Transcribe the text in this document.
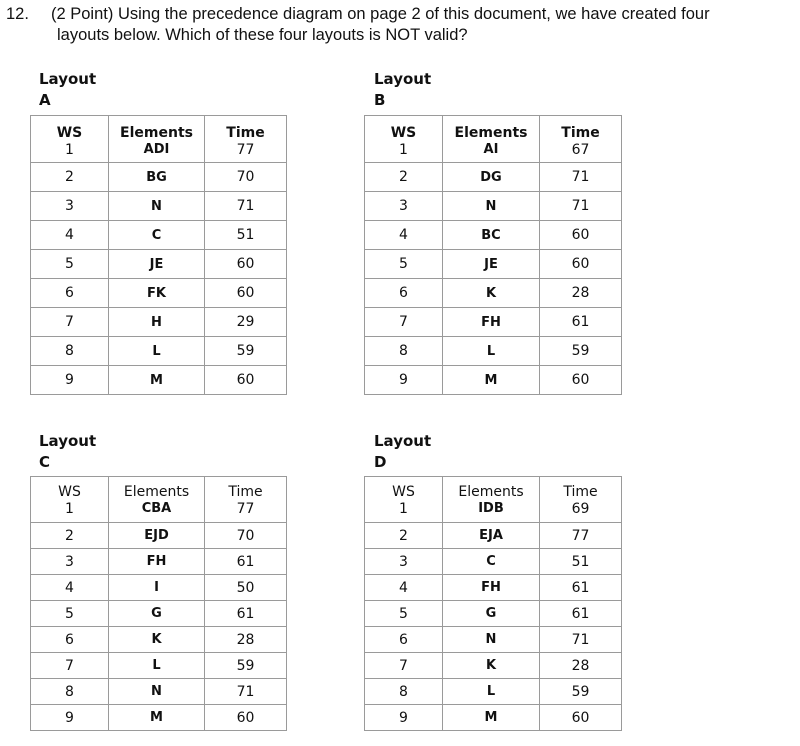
12. (2 Point) Using the precedence diagram on page 2 of this document, we have created four
layouts below. Which of these four layouts is NOT valid?
Layout
A
WS	Elements	Time
1	ADI	77
2	BG	70
3	N	71
4	C	51
5	JE	60
6	FK	60
7	H	29
8	L	59
9	M	60
Layout
B
WS	Elements	Time
1	AI	67
2	DG	71
3	N	71
4	BC	60
5	JE	60
6	K	28
7	FH	61
8	L	59
9	M	60
Layout
C
WS	Elements	Time
1	CBA	77
2	EJD	70
3	FH	61
4	I	50
5	G	61
6	K	28
7	L	59
8	N	71
9	M	60
Layout
D
WS	Elements	Time
1	IDB	69
2	EJA	77
3	C	51
4	FH	61
5	G	61
6	N	71
7	K	28
8	L	59
9	M	60
